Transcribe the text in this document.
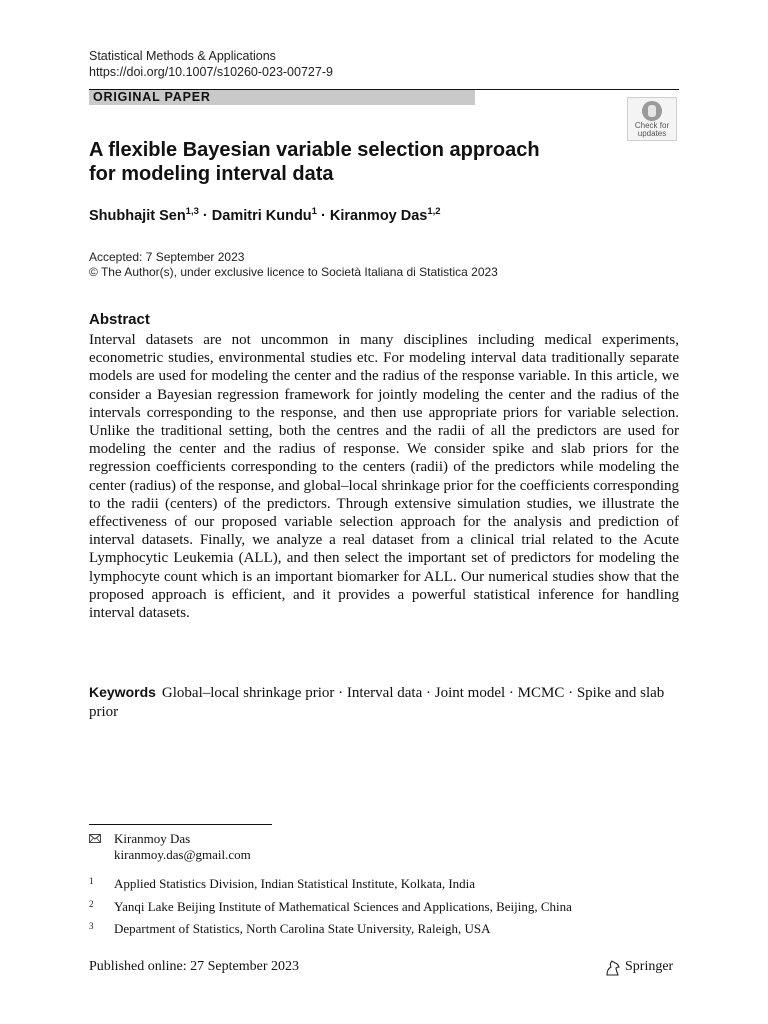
Statistical Methods & Applications
https://doi.org/10.1007/s10260-023-00727-9
ORIGINAL PAPER
Check for
updates
A flexible Bayesian variable selection approach
for modeling interval data
Shubhajit Sen$^{1,3}$ · Damitri Kundu$^1$ · Kiranmoy Das$^{1,2}$
Accepted: 7 September 2023
© The Author(s), under exclusive licence to Società Italiana di Statistica 2023
Abstract
Interval datasets are not uncommon in many disciplines including medical experiments, econometric studies, environmental studies etc. For modeling interval data traditionally separate models are used for modeling the center and the radius of the response variable. In this article, we consider a Bayesian regression framework for jointly modeling the center and the radius of the intervals corresponding to the response, and then use appropriate priors for variable selection. Unlike the traditional setting, both the centres and the radii of all the predictors are used for modeling the center and the radius of response. We consider spike and slab priors for the regression coefficients corresponding to the centers (radii) of the predictors while modeling the center (radius) of the response, and global–local shrinkage prior for the coefficients corresponding to the radii (centers) of the predictors. Through extensive simulation studies, we illustrate the effectiveness of our proposed variable selection approach for the analysis and prediction of interval datasets. Finally, we analyze a real dataset from a clinical trial related to the Acute Lymphocytic Leukemia (ALL), and then select the important set of predictors for modeling the lymphocyte count which is an important biomarker for ALL. Our numerical studies show that the proposed approach is efficient, and it provides a powerful statistical inference for handling interval datasets.
Keywords Global–local shrinkage prior · Interval data · Joint model · MCMC · Spike and slab prior
Kiranmoy Das
kiranmoy.das@gmail.com
1 Applied Statistics Division, Indian Statistical Institute, Kolkata, India
2 Yanqi Lake Beijing Institute of Mathematical Sciences and Applications, Beijing, China
3 Department of Statistics, North Carolina State University, Raleigh, USA
Published online: 27 September 2023	Springer
